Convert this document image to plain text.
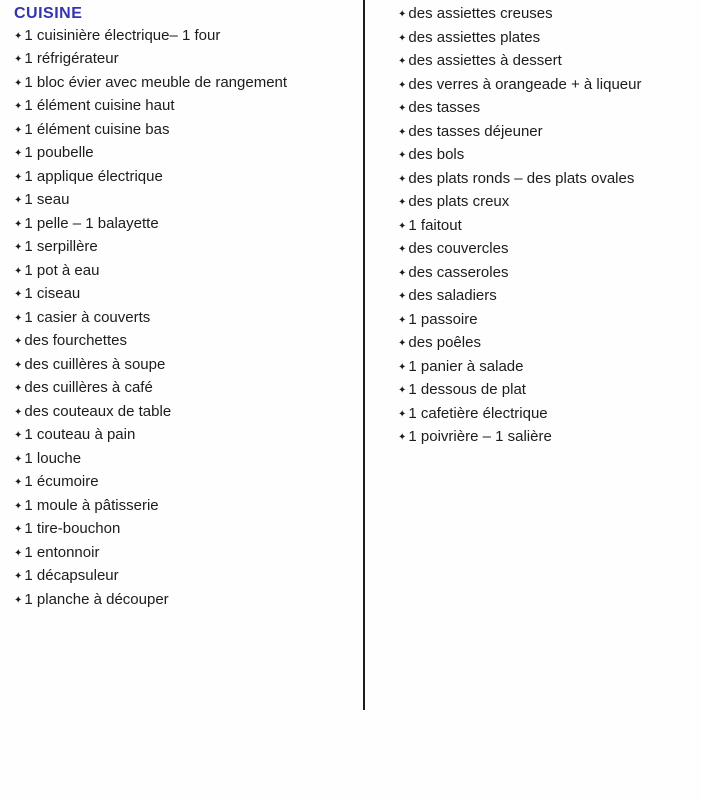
CUISINE
✦ 1 cuisinière électrique– 1 four
✦ 1 réfrigérateur
✦ 1 bloc évier avec meuble de rangement
✦ 1 élément cuisine haut
✦ 1 élément cuisine bas
✦ 1 poubelle
✦ 1 applique électrique
✦ 1 seau
✦ 1 pelle – 1 balayette
✦ 1 serpillère
✦ 1 pot à eau
✦ 1 ciseau
✦ 1 casier à couverts
✦ des fourchettes
✦ des cuillères à soupe
✦ des cuillères à café
✦ des couteaux de table
✦ 1 couteau à pain
✦ 1 louche
✦ 1 écumoire
✦ 1 moule à pâtisserie
✦ 1 tire-bouchon
✦ 1 entonnoir
✦ 1 décapsuleur
✦ 1 planche à découper
✦ des assiettes creuses
✦ des assiettes plates
✦ des assiettes à dessert
✦ des verres à orangeade + à liqueur
✦ des tasses
✦ des tasses déjeuner
✦ des bols
✦ des plats ronds – des plats ovales
✦ des plats creux
✦ 1 faitout
✦ des couvercles
✦ des casseroles
✦ des saladiers
✦ 1 passoire
✦ des poêles
✦ 1 panier à salade
✦ 1 dessous de plat
✦ 1 cafetière électrique
✦ 1 poivrière – 1 salière
